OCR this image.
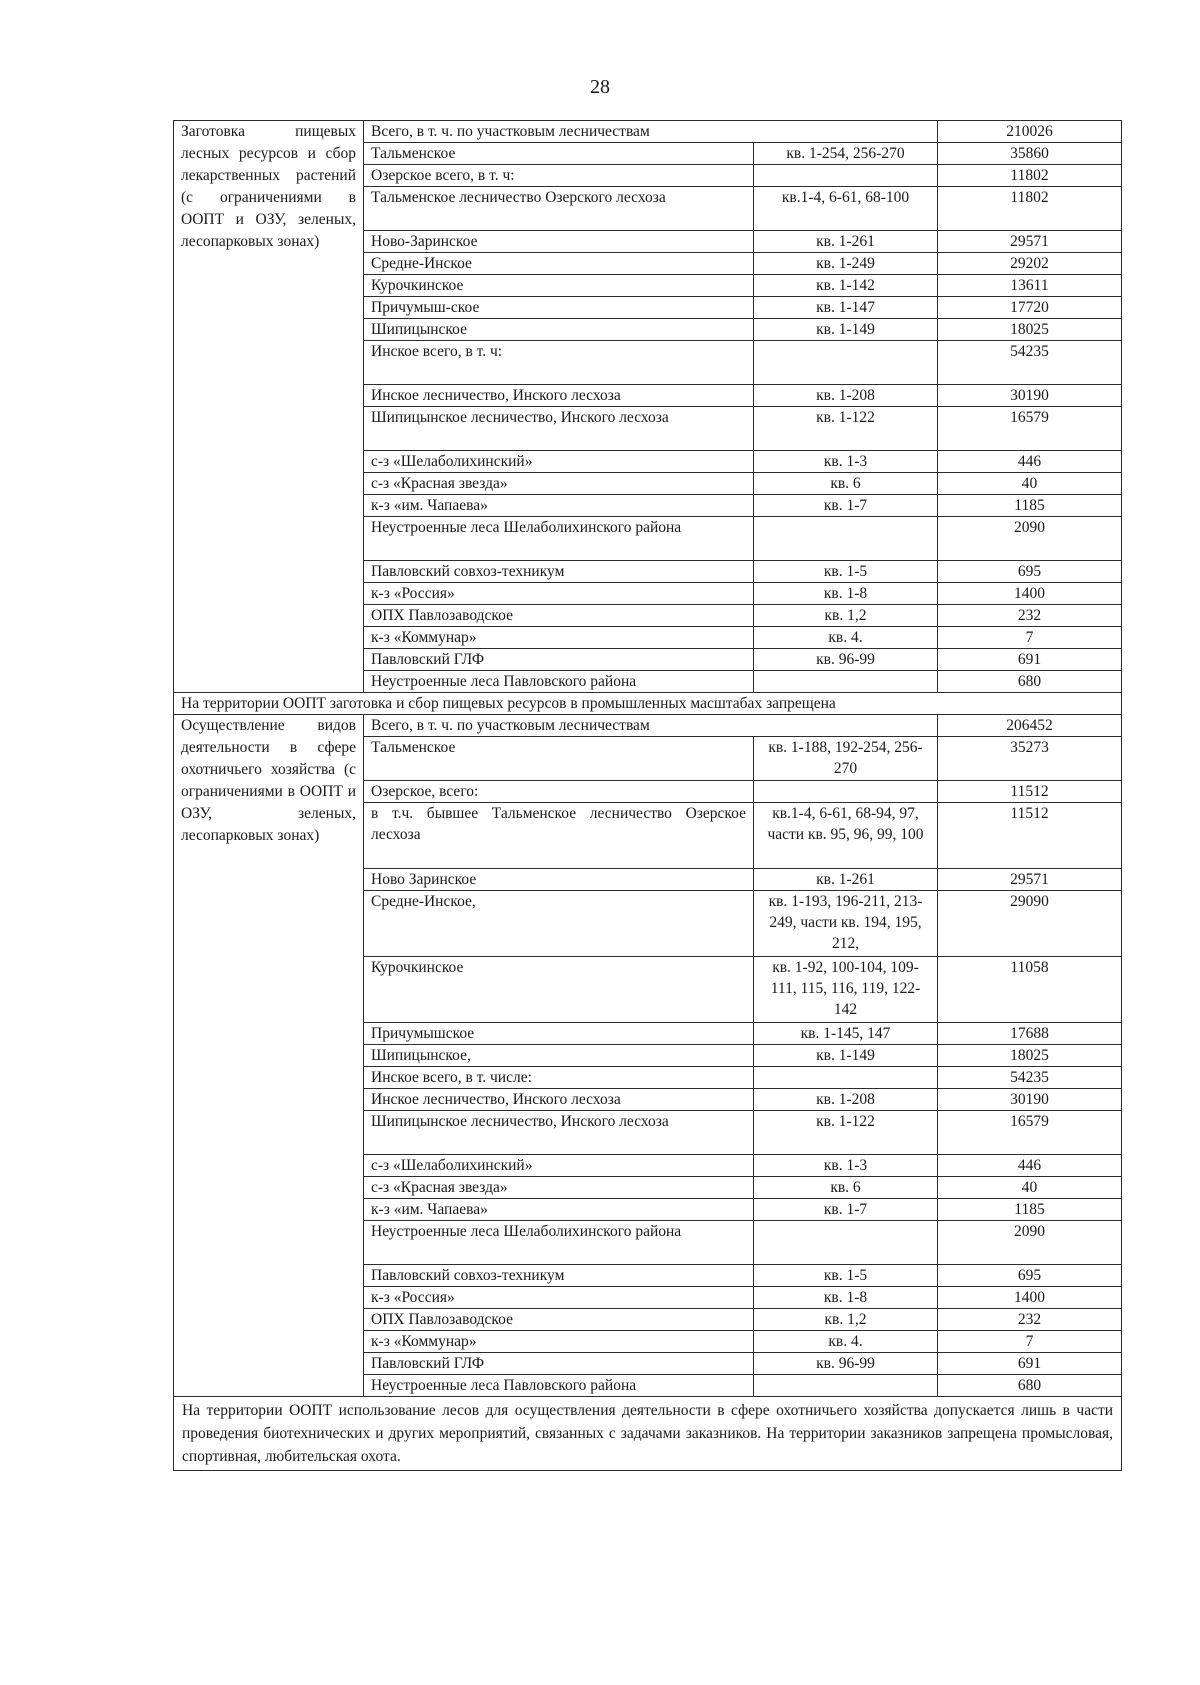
28
Заготовка пищевых лесных ресурсов и сбор лекарственных растений (с ограничениями в ООПТ и ОЗУ, зеленых, лесопарковых зонах)	Всего, в т. ч. по участковым лесничествам		210026
	Тальменское	кв. 1-254, 256-270	35860
	Озерское всего, в т. ч:		11802
	Тальменское лесничество Озерского лесхоза	кв.1-4, 6-61, 68-100	11802
	Ново-Заринское	кв. 1-261	29571
	Средне-Инское	кв. 1-249	29202
	Курочкинское	кв. 1-142	13611
	Причумыш-ское	кв. 1-147	17720
	Шипицынское	кв. 1-149	18025
	Инское всего, в т. ч:		54235
	Инское лесничество, Инского лесхоза	кв. 1-208	30190
	Шипицынское лесничество, Инского лесхоза	кв. 1-122	16579
	с-з «Шелаболихинский»	кв. 1-3	446
	с-з «Красная звезда»	кв. 6	40
	к-з «им. Чапаева»	кв. 1-7	1185
	Неустроенные леса Шелаболихинского района		2090
	Павловский совхоз-техникум	кв. 1-5	695
	к-з «Россия»	кв. 1-8	1400
	ОПХ Павлозаводское	кв. 1,2	232
	к-з «Коммунар»	кв. 4.	7
	Павловский ГЛФ	кв. 96-99	691
	Неустроенные леса Павловского района		680
На территории ООПТ заготовка и сбор пищевых ресурсов в промышленных масштабах запрещена			
Осуществление видов деятельности в сфере охотничьего хозяйства (с ограничениями в ООПТ и ОЗУ, зеленых, лесопарковых зонах)	Всего, в т. ч. по участковым лесничествам		206452
	Тальменское	кв. 1-188, 192-254, 256-270	35273
	Озерское, всего:		11512
	в т.ч. бывшее Тальменское лесничество Озерское лесхоза	кв.1-4, 6-61, 68-94, 97, части кв. 95, 96, 99, 100	11512
	Ново Заринское	кв. 1-261	29571
	Средне-Инское,	кв. 1-193, 196-211, 213-249, части кв. 194, 195, 212,	29090
	Курочкинское	кв. 1-92, 100-104, 109-111, 115, 116, 119, 122-142	11058
	Причумышское	кв. 1-145, 147	17688
	Шипицынское,	кв. 1-149	18025
	Инское всего, в т. числе:		54235
	Инское лесничество, Инского лесхоза	кв. 1-208	30190
	Шипицынское лесничество, Инского лесхоза	кв. 1-122	16579
	с-з «Шелаболихинский»	кв. 1-3	446
	с-з «Красная звезда»	кв. 6	40
	к-з «им. Чапаева»	кв. 1-7	1185
	Неустроенные леса Шелаболихинского района		2090
	Павловский совхоз-техникум	кв. 1-5	695
	к-з «Россия»	кв. 1-8	1400
	ОПХ Павлозаводское	кв. 1,2	232
	к-з «Коммунар»	кв. 4.	7
	Павловский ГЛФ	кв. 96-99	691
	Неустроенные леса Павловского района		680
На территории ООПТ использование лесов для осуществления деятельности в сфере охотничьего хозяйства допускается лишь в части проведения биотехнических и других мероприятий, связанных с задачами заказников. На территории заказников запрещена промысловая, спортивная, любительская охота.			
